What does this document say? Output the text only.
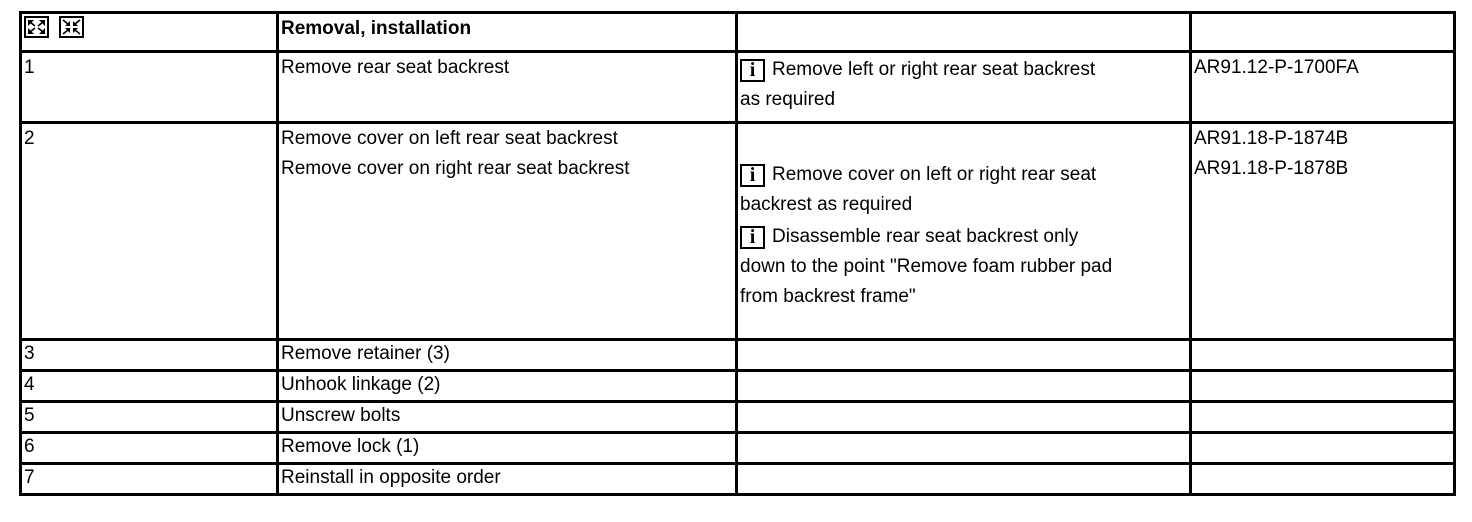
	Removal, installation		
1	Remove rear seat backrest	i Remove left or right rear seat backrest
as required	AR91.12-P-1700FA

2	Remove cover on left rear seat backrest
Remove cover on right rear seat backrest	i Remove cover on left or right rear seat
backrest as required
i Disassemble rear seat backrest only
down to the point "Remove foam rubber pad
from backrest frame"	AR91.18-P-1874B
AR91.18-P-1878B

3	Remove retainer (3)		
4	Unhook linkage (2)		
5	Unscrew bolts		
6	Remove lock (1)		
7	Reinstall in opposite order		
